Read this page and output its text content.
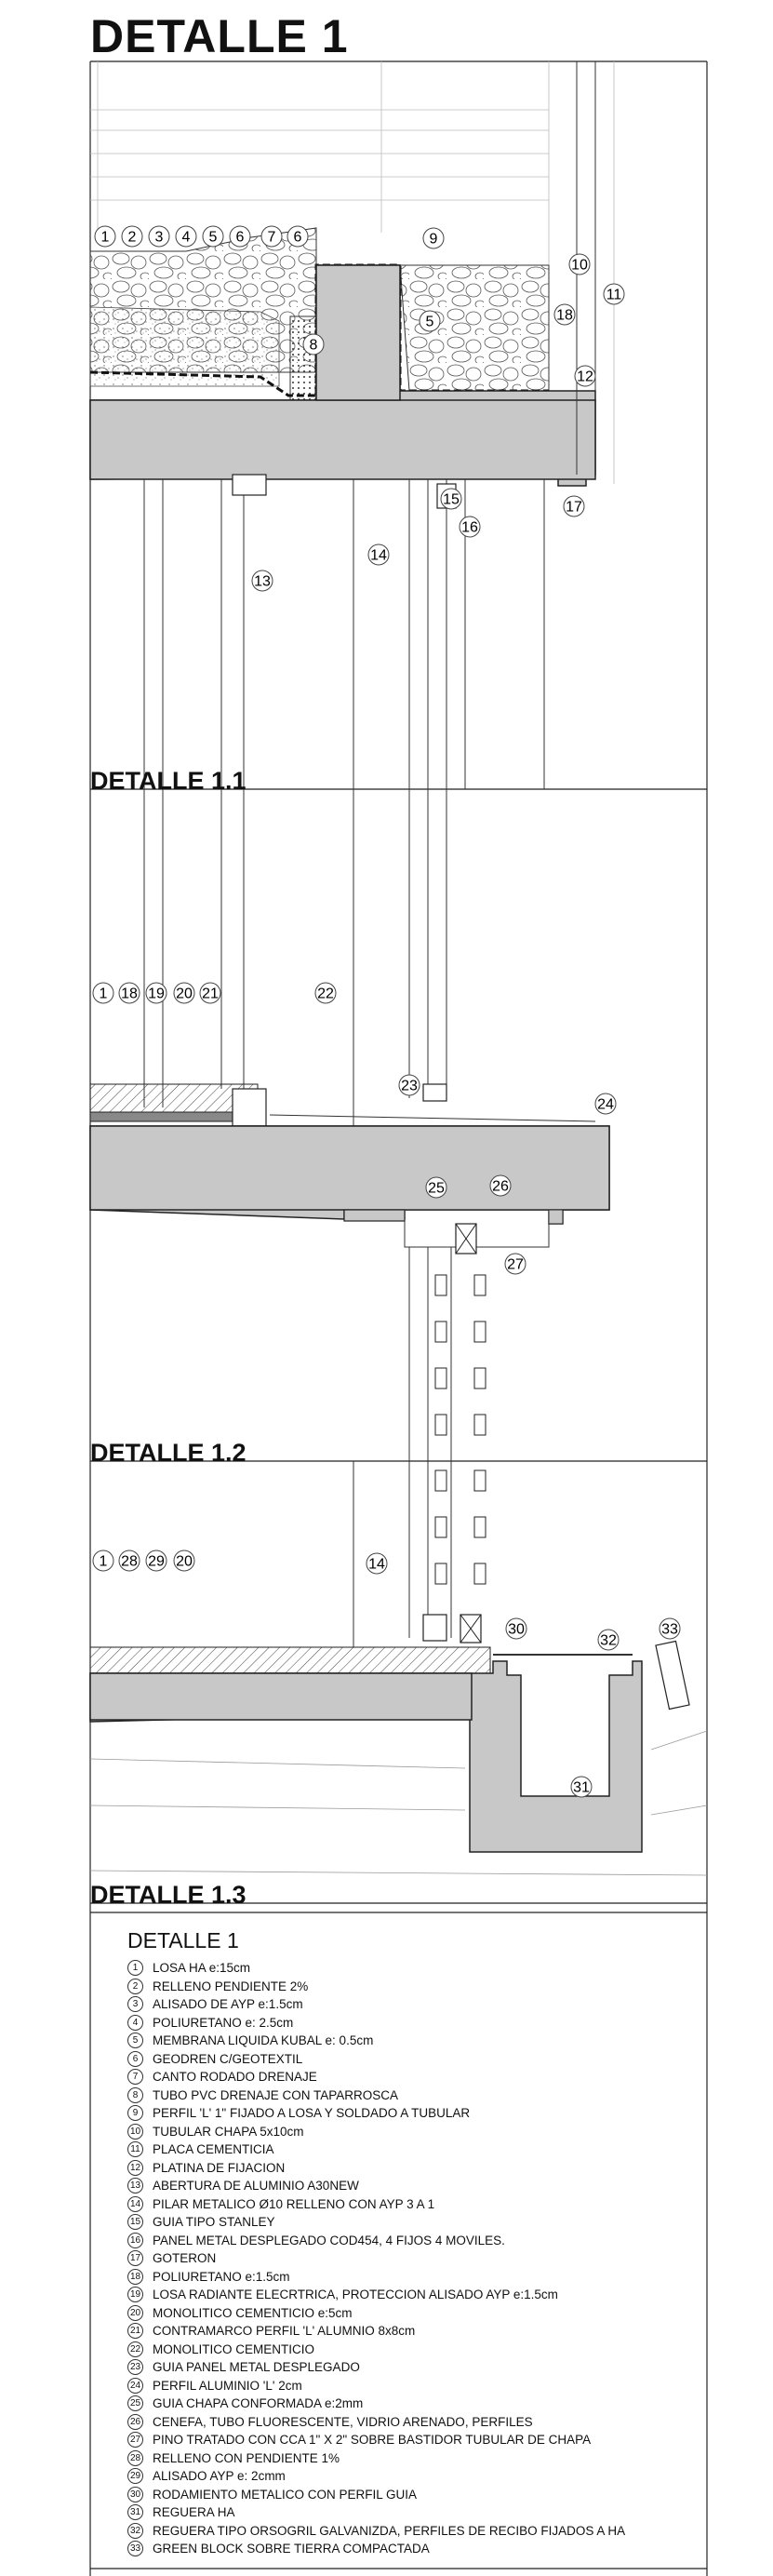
1 2 3 4 5 6 7 6	9
10
11
5	18
8
12
15
16
17
13
14
1 18 19 20 21	22
23
24
25	26
27
1 28 29 20	14
30
32
33
31
DETALLE 1
DETALLE 1.1
DETALLE 1.2
DETALLE 1.3
DETALLE 1
1	LOSA HA e:15cm
2	RELLENO PENDIENTE 2%
3	ALISADO DE AYP e:1.5cm
4	POLIURETANO e: 2.5cm
5	MEMBRANA LIQUIDA KUBAL e: 0.5cm
6	GEODREN C/GEOTEXTIL
7	CANTO RODADO DRENAJE
8	TUBO PVC DRENAJE CON TAPARROSCA
9	PERFIL 'L' 1" FIJADO A LOSA Y SOLDADO A TUBULAR
10 TUBULAR CHAPA 5x10cm
11 PLACA CEMENTICIA
12 PLATINA DE FIJACION
13 ABERTURA DE ALUMINIO A30NEW
14 PILAR METALICO Ø10 RELLENO CON AYP 3 A 1
15 GUIA TIPO STANLEY
16 PANEL METAL DESPLEGADO COD454, 4 FIJOS 4 MOVILES.
17 GOTERON
18 POLIURETANO e:1.5cm
19 LOSA RADIANTE ELECRTRICA, PROTECCION ALISADO AYP e:1.5cm
20 MONOLITICO CEMENTICIO e:5cm
21 CONTRAMARCO PERFIL 'L' ALUMNIO 8x8cm
22 MONOLITICO CEMENTICIO
23 GUIA PANEL METAL DESPLEGADO
24 PERFIL ALUMINIO 'L' 2cm
25 GUIA CHAPA CONFORMADA e:2mm
26 CENEFA, TUBO FLUORESCENTE, VIDRIO ARENADO, PERFILES
27 PINO TRATADO CON CCA 1" X 2" SOBRE BASTIDOR TUBULAR DE CHAPA
28 RELLENO CON PENDIENTE 1%
29 ALISADO AYP e: 2cmm
30 RODAMIENTO METALICO CON PERFIL GUIA
31 REGUERA HA
32 REGUERA TIPO ORSOGRIL GALVANIZDA, PERFILES DE RECIBO FIJADOS A HA
33 GREEN BLOCK SOBRE TIERRA COMPACTADA
